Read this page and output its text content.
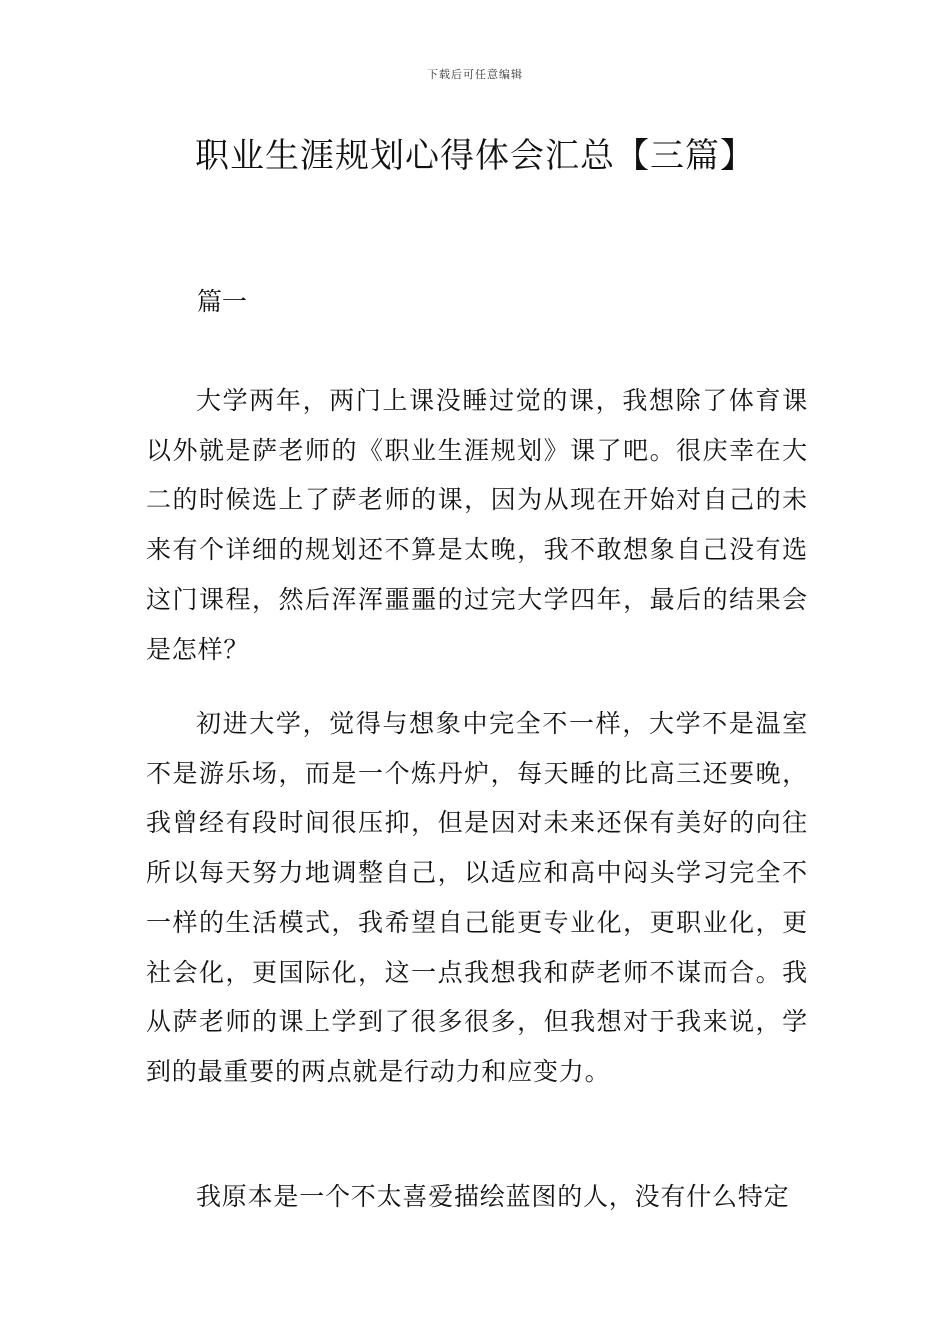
下载后可任意编辑
职业生涯规划心得体会汇总【三篇】

篇一

大学两年，两门上课没睡过觉的课，我想除了体育课以外就是萨老师的《职业生涯规划》课了吧。很庆幸在大二的时候选上了萨老师的课，因为从现在开始对自己的未来有个详细的规划还不算是太晚，我不敢想象自己没有选这门课程，然后浑浑噩噩的过完大学四年，最后的结果会是怎样？

初进大学，觉得与想象中完全不一样，大学不是温室不是游乐场，而是一个炼丹炉，每天睡的比高三还要晚，我曾经有段时间很压抑，但是因对未来还保有美好的向往所以每天努力地调整自己，以适应和高中闷头学习完全不一样的生活模式，我希望自己能更专业化，更职业化，更社会化，更国际化，这一点我想我和萨老师不谋而合。我从萨老师的课上学到了很多很多，但我想对于我来说，学到的最重要的两点就是行动力和应变力。

我原本是一个不太喜爱描绘蓝图的人，没有什么特定
